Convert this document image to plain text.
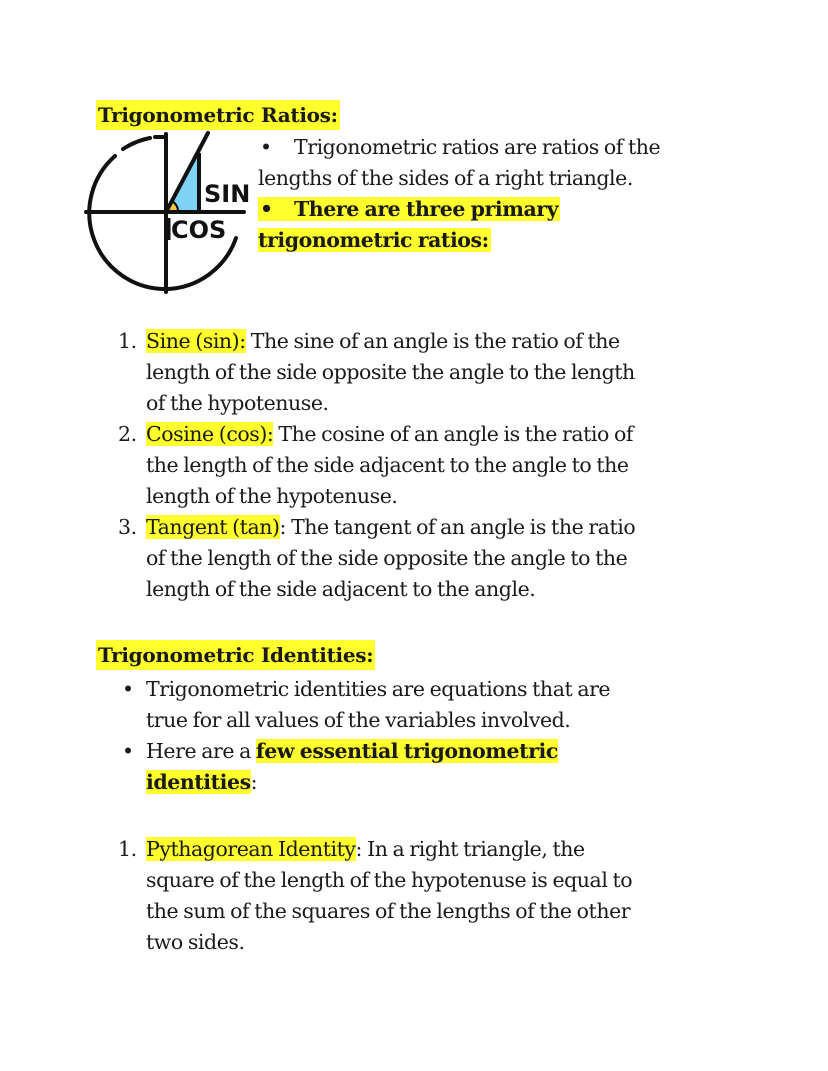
Trigonometric Ratios:
SIN
COS
• Trigonometric ratios are ratios of the
lengths of the sides of a right triangle.
• There are three primary
trigonometric ratios:
1. Sine (sin): The sine of an angle is the ratio of the
length of the side opposite the angle to the length
of the hypotenuse.
2. Cosine (cos): The cosine of an angle is the ratio of
the length of the side adjacent to the angle to the
length of the hypotenuse.
3. Tangent (tan): The tangent of an angle is the ratio
of the length of the side opposite the angle to the
length of the side adjacent to the angle.
Trigonometric Identities:
• Trigonometric identities are equations that are
true for all values of the variables involved.
• Here are a few essential trigonometric
identities:
1. Pythagorean Identity: In a right triangle, the
square of the length of the hypotenuse is equal to
the sum of the squares of the lengths of the other
two sides.
